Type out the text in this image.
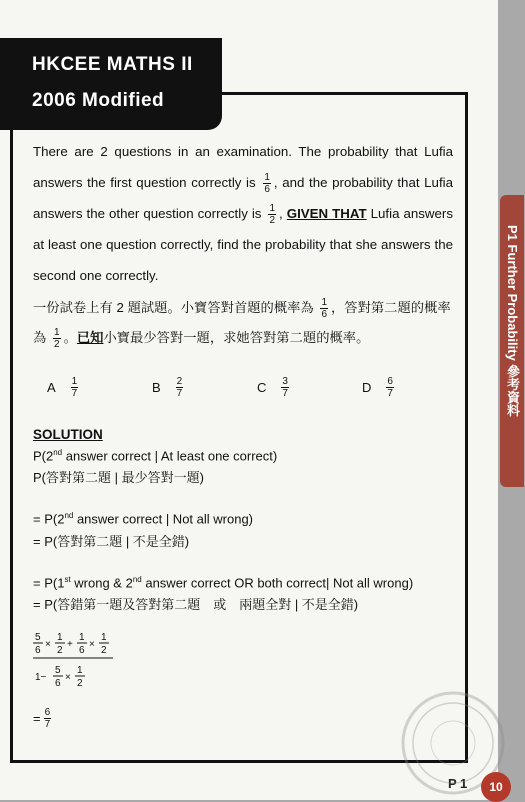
HKCEE MATHS II
2006 Modified
There are 2 questions in an examination. The probability that Lufia answers the first question correctly is $\frac{1}{6}$ , and the probability that Lufia answers the other question correctly is $\frac{1}{2}$ , GIVEN THAT Lufia answers at least one question correctly, find the probability that she answers the second one correctly.
一份試卷上有 2 題試題。小寶答對首題的概率為 $\frac{1}{6}$ ，答對第二題的概率為 $\frac{1}{2}$ 。已知小寶最少答對一題，求她答對第二題的概率。
A $\frac{1}{7}$	B $\frac{2}{7}$	C $\frac{3}{7}$	D $\frac{6}{7}$
SOLUTION
P(2nd answer correct | At least one correct)
P(答對第二題 | 最少答對一題)
= P(2nd answer correct | Not all wrong)
= P(答對第二題 | 不是全錯)
= P(1st wrong & 2nd answer correct OR both correct| Not all wrong)
= P(答錯第一題及答對第二題　或　兩題全對 | 不是全錯)
5
6
×
1
2
+
1
6
×
1
2
1−
5
6
×
1
2
= $\frac{6}{7}$
P 1
P1 Further Probability 參考資料
10
